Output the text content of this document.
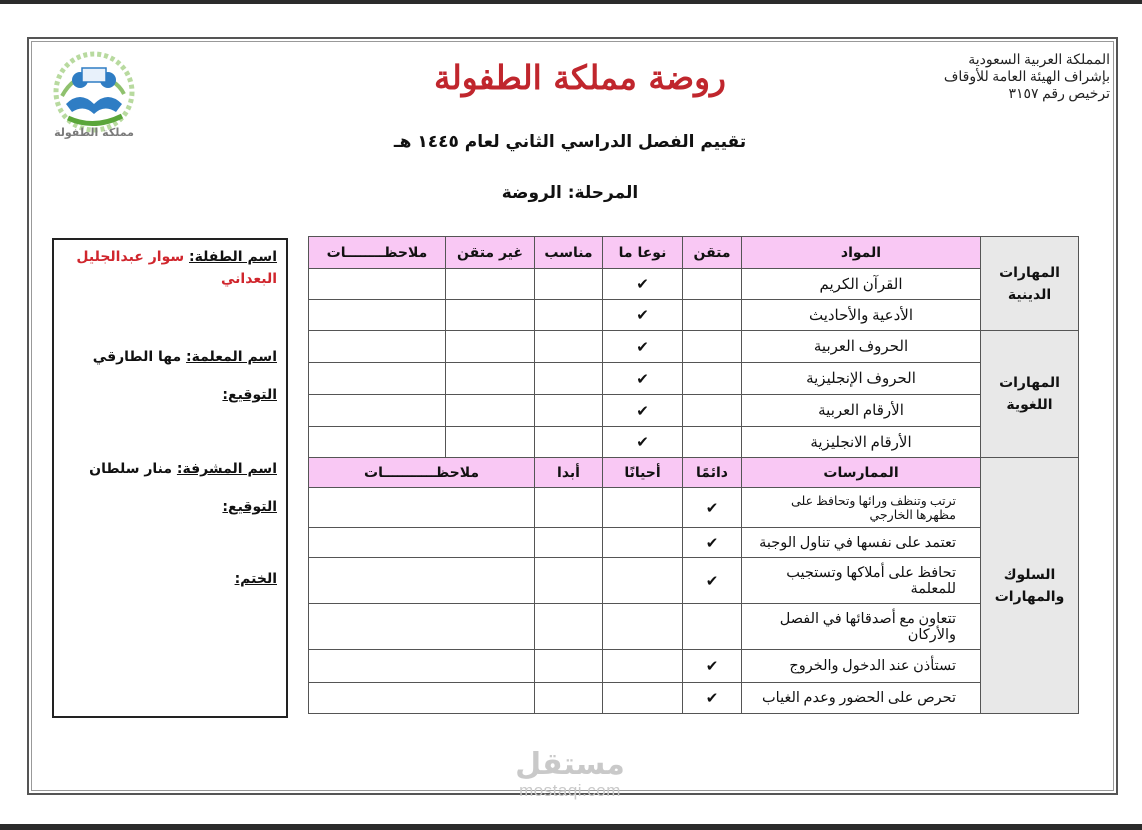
المملكة العربية السعودية
بإشراف الهيئة العامة للأوقاف
ترخيص رقم ٣١٥٧
مملكة الطفولة
روضة مملكة الطفولة
تقييم الفصل الدراسي الثاني لعام ١٤٤٥ هـ
المرحلة: الروضة
اسم الطفلة: سوار عبدالجليل البعداني
اسم المعلمة: مها الطارقي
التوقيع:
اسم المشرفة: منار سلطان
التوقيع:
الختم:
المهارات الدينية	المواد	متقن	نوعا ما	مناسب	غير متقن	ملاحظــــــــات
	القرآن الكريم		✔			
	الأدعية والأحاديث		✔			
المهارات اللغوية	الحروف العربية		✔			
	الحروف الإنجليزية		✔			
	الأرقام العربية		✔			
	الأرقام الانجليزية		✔			
السلوك والمهارات	الممارسات	دائمًا	أحيانًا	أبدا	ملاحظـــــــــــات	
	ترتب وتنظف ورائها وتحافظ على مظهرها الخارجي	✔				
	تعتمد على نفسها في تناول الوجبة	✔				
	تحافظ على أملاكها وتستجيب للمعلمة	✔				
	تتعاون مع أصدقائها في الفصل والأركان					
	تستأذن عند الدخول والخروج	✔				
	تحرص على الحضور وعدم الغياب	✔				
مستقل
mostaqi.com
